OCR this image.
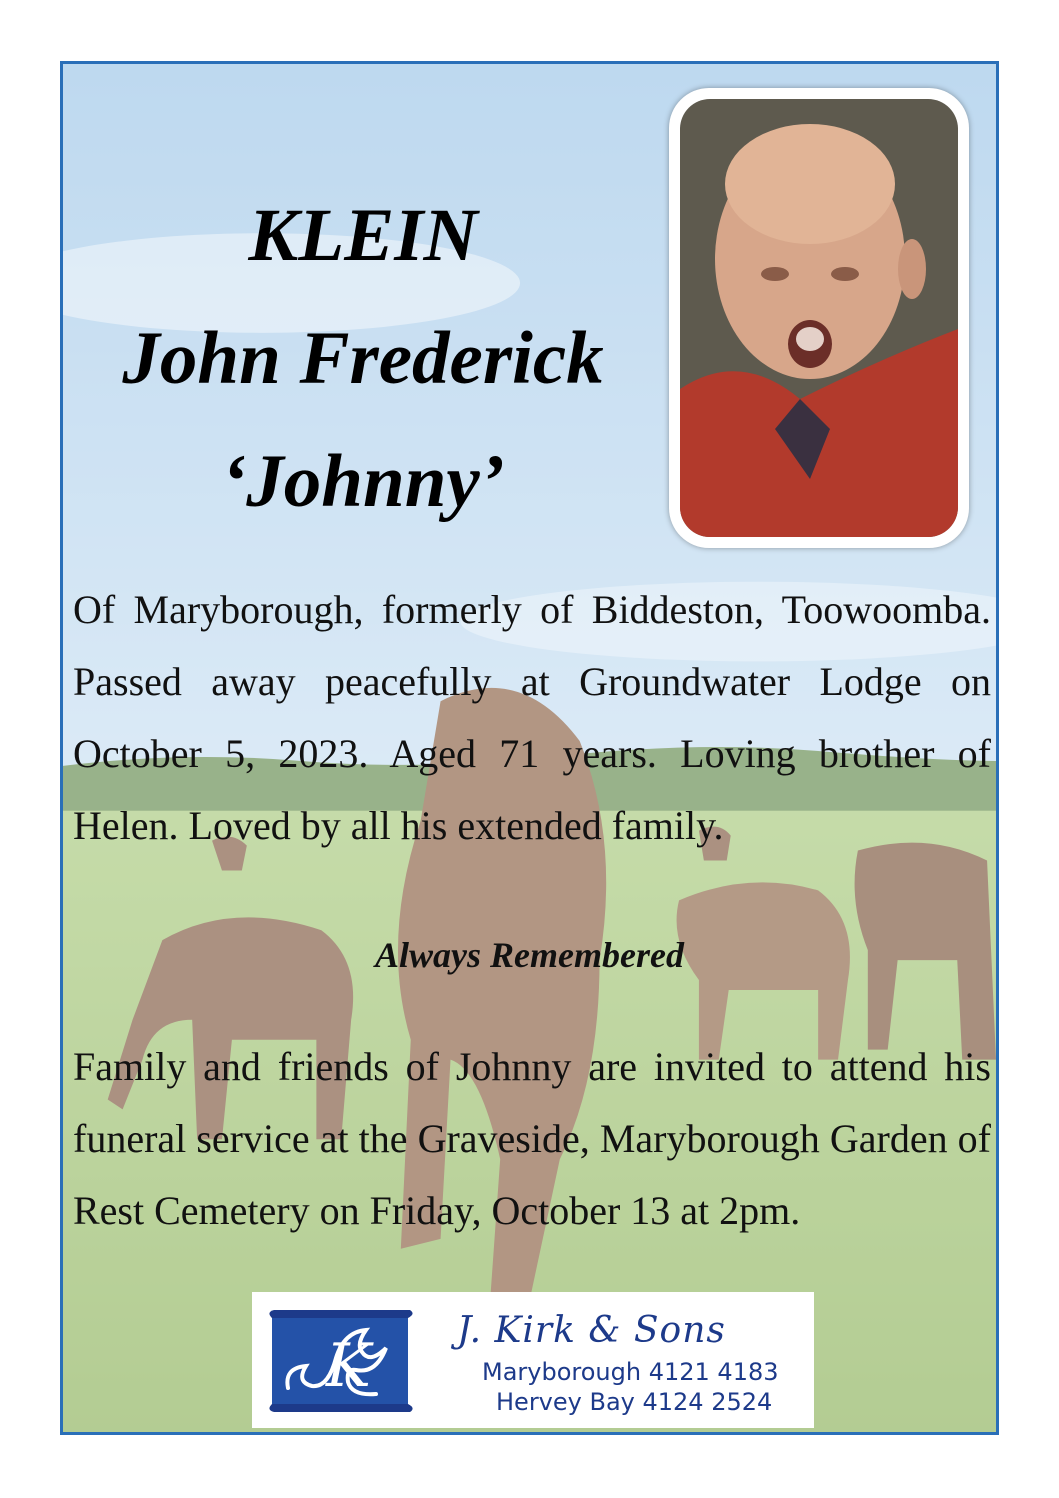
KLEIN
John Frederick
‘Johnny’
Of Maryborough, formerly of Biddeston, Toowoomba. Passed away peacefully at Groundwater Lodge on October 5, 2023. Aged 71 years. Loving brother of Helen. Loved by all his extended family.
Always Remembered
Family and friends of Johnny are invited to attend his funeral service at the Graveside, Maryborough Garden of Rest Cemetery on Friday, October 13 at 2pm.
K
J. Kirk & Sons
Maryborough 4121 4183
Hervey Bay 4124 2524
